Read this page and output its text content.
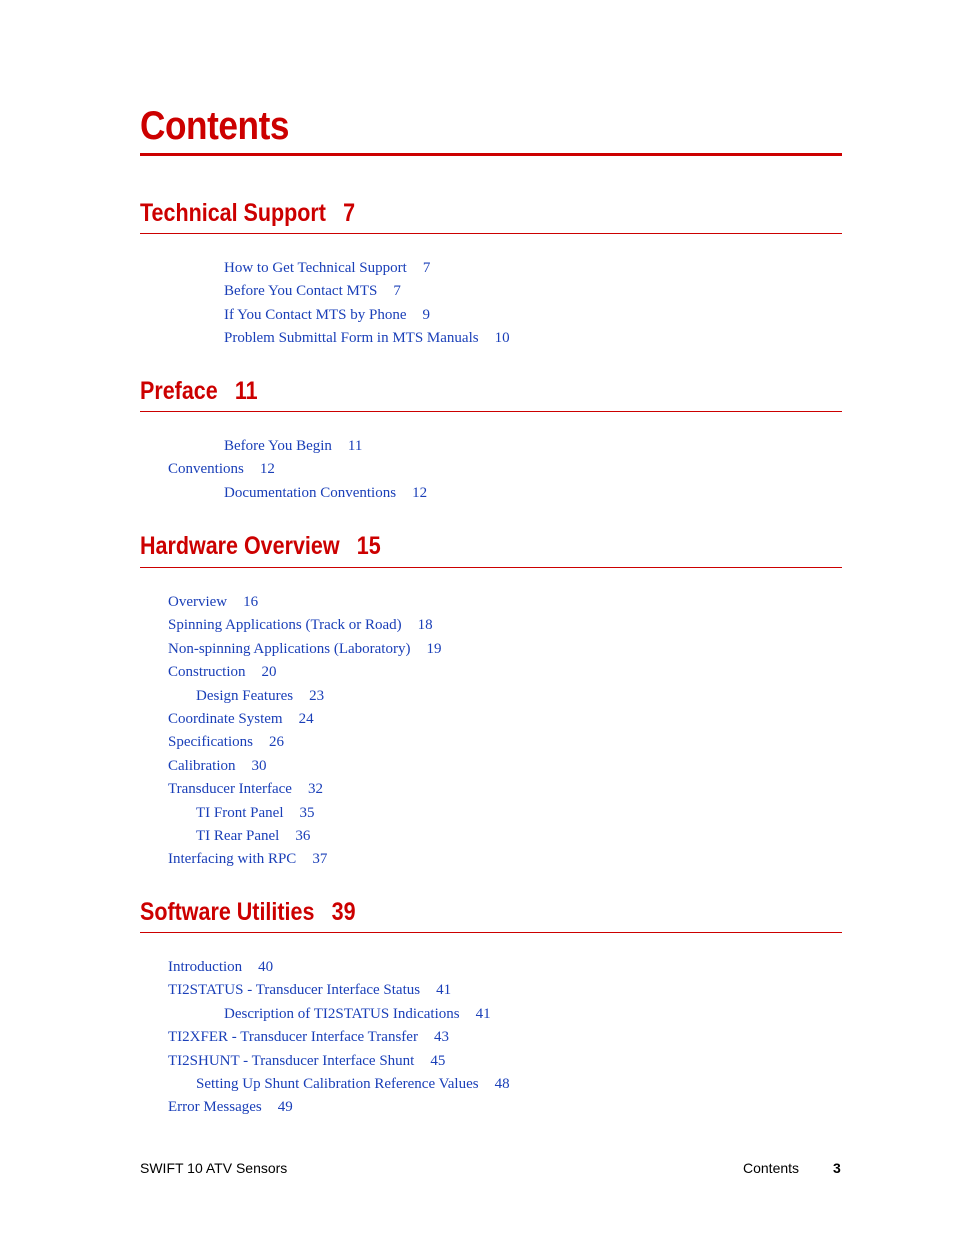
Contents
Technical Support 7
How to Get Technical Support 7
Before You Contact MTS 7
If You Contact MTS by Phone 9
Problem Submittal Form in MTS Manuals 10
Preface 11
Before You Begin 11
Conventions 12
Documentation Conventions 12
Hardware Overview 15
Overview 16
Spinning Applications (Track or Road) 18
Non-spinning Applications (Laboratory) 19
Construction 20
Design Features 23
Coordinate System 24
Specifications 26
Calibration 30
Transducer Interface 32
TI Front Panel 35
TI Rear Panel 36
Interfacing with RPC 37
Software Utilities 39
Introduction 40
TI2STATUS - Transducer Interface Status 41
Description of TI2STATUS Indications 41
TI2XFER - Transducer Interface Transfer 43
TI2SHUNT - Transducer Interface Shunt 45
Setting Up Shunt Calibration Reference Values 48
Error Messages 49
SWIFT 10 ATV Sensors	Contents 3
